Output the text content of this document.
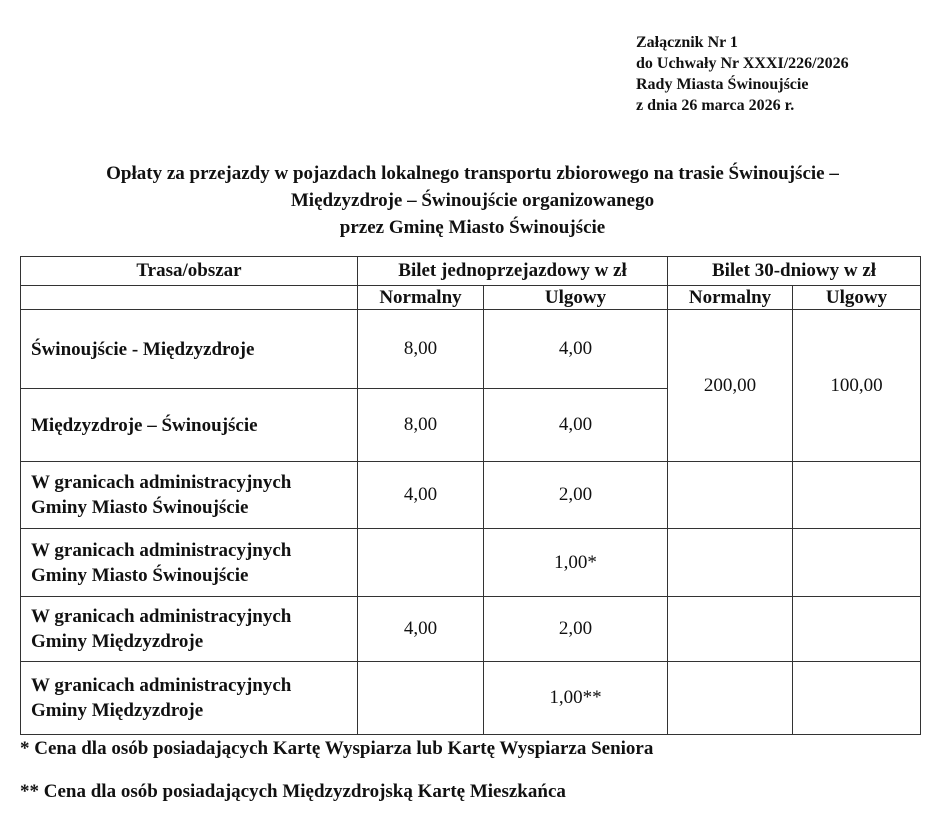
Załącznik Nr 1
do Uchwały Nr XXXI/226/2026
Rady Miasta Świnoujście
z dnia 26 marca 2026 r.
Opłaty za przejazdy w pojazdach lokalnego transportu zbiorowego na trasie Świnoujście –
Międzyzdroje – Świnoujście organizowanego
przez Gminę Miasto Świnoujście
Trasa/obszar	Bilet jednoprzejazdowy w zł		Bilet 30-dniowy w zł	
	Normalny	Ulgowy	Normalny	Ulgowy
Świnoujście - Międzyzdroje	8,00	4,00	200,00	100,00
Międzyzdroje – Świnoujście	8,00	4,00		
W granicach administracyjnych
Gminy Miasto Świnoujście	4,00	2,00		
W granicach administracyjnych
Gminy Miasto Świnoujście		1,00*		
W granicach administracyjnych
Gminy Międzyzdroje	4,00	2,00		
W granicach administracyjnych
Gminy Międzyzdroje		1,00**		
* Cena dla osób posiadających Kartę Wyspiarza lub Kartę Wyspiarza Seniora
** Cena dla osób posiadających Międzyzdrojską Kartę Mieszkańca
